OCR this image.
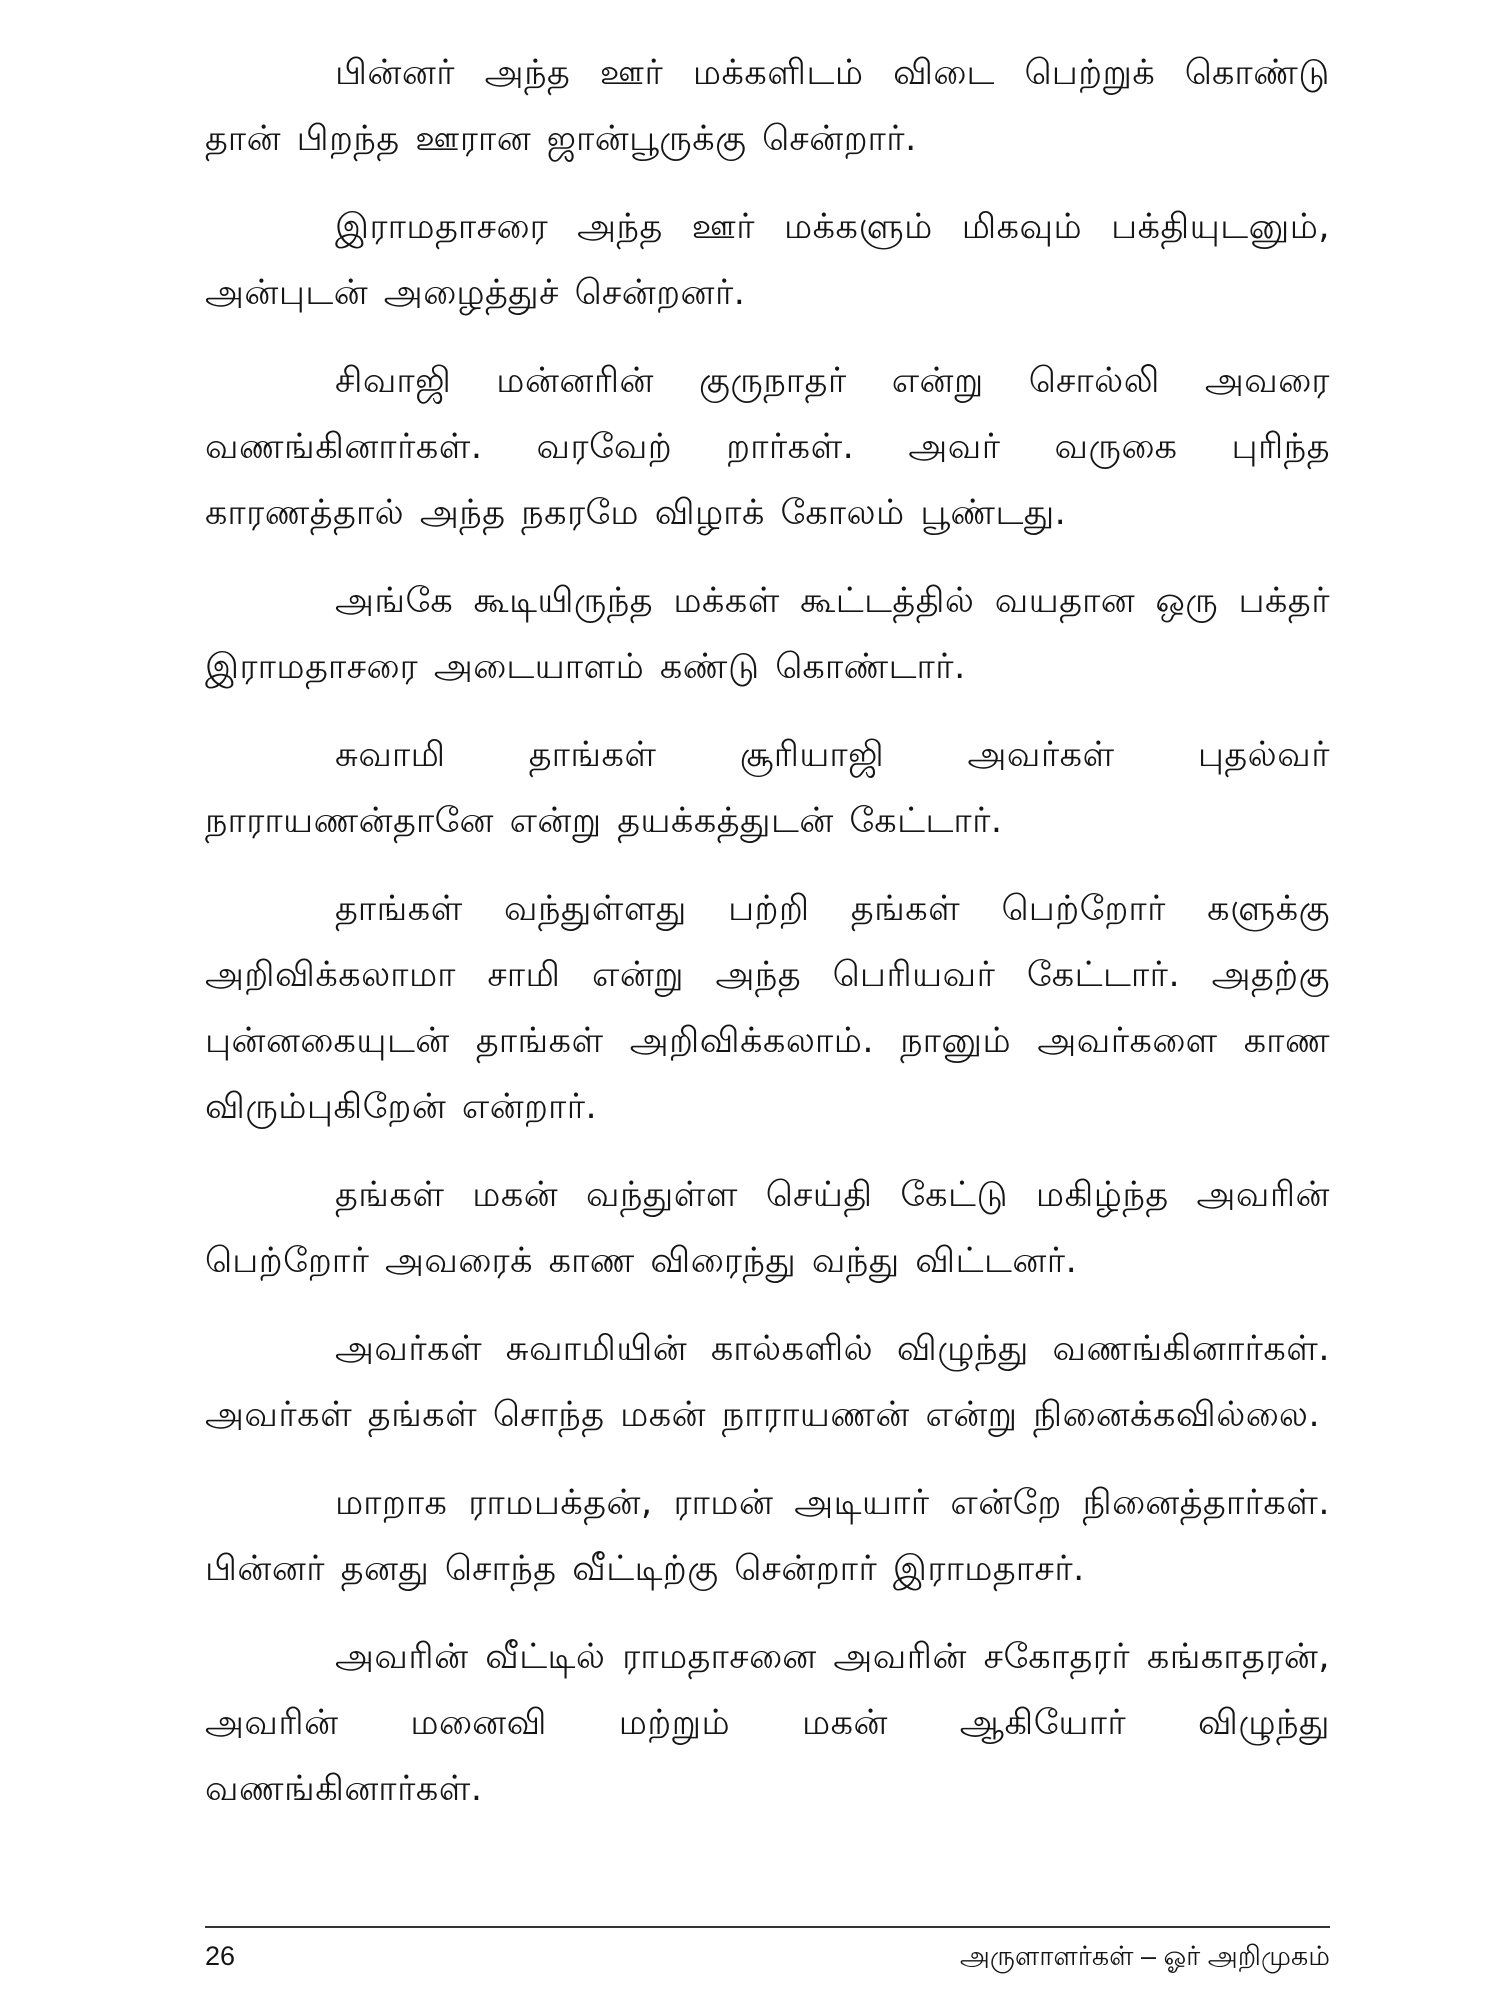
பின்னர் அந்த ஊர் மக்களிடம் விடை பெற்றுக் கொண்டு தான் பிறந்த ஊரான ஜான்பூருக்கு சென்றார்.

இராமதாசரை அந்த ஊர் மக்களும் மிகவும் பக்தியுடனும், அன்புடன் அழைத்துச் சென்றனர்.

சிவாஜி மன்னரின் குருநாதர் என்று சொல்லி அவரை வணங்கினார்கள். வரவேற் றார்கள். அவர் வருகை புரிந்த காரணத்தால் அந்த நகரமே விழாக் கோலம் பூண்டது.

அங்கே கூடியிருந்த மக்கள் கூட்டத்தில் வயதான ஒரு பக்தர் இராமதாசரை அடையாளம் கண்டு கொண்டார்.

சுவாமி தாங்கள் சூரியாஜி அவர்கள் புதல்வர் நாராயணன்தானே என்று தயக்கத்துடன் கேட்டார்.

தாங்கள் வந்துள்ளது பற்றி தங்கள் பெற்றோர் களுக்கு அறிவிக்கலாமா சாமி என்று அந்த பெரியவர் கேட்டார். அதற்கு புன்னகையுடன் தாங்கள் அறிவிக்கலாம். நானும் அவர்களை காண விரும்புகிறேன் என்றார்.

தங்கள் மகன் வந்துள்ள செய்தி கேட்டு மகிழ்ந்த அவரின் பெற்றோர் அவரைக் காண விரைந்து வந்து விட்டனர்.

அவர்கள் சுவாமியின் கால்களில் விழுந்து வணங்கினார்கள். அவர்கள் தங்கள் சொந்த மகன் நாராயணன் என்று நினைக்கவில்லை.

மாறாக ராமபக்தன், ராமன் அடியார் என்றே நினைத்தார்கள். பின்னர் தனது சொந்த வீட்டிற்கு சென்றார் இராமதாசர்.

அவரின் வீட்டில் ராமதாசனை அவரின் சகோதரர் கங்காதரன், அவரின் மனைவி மற்றும் மகன் ஆகியோர் விழுந்து வணங்கினார்கள்.

26	அருளாளர்கள் – ஓர் அறிமுகம்
